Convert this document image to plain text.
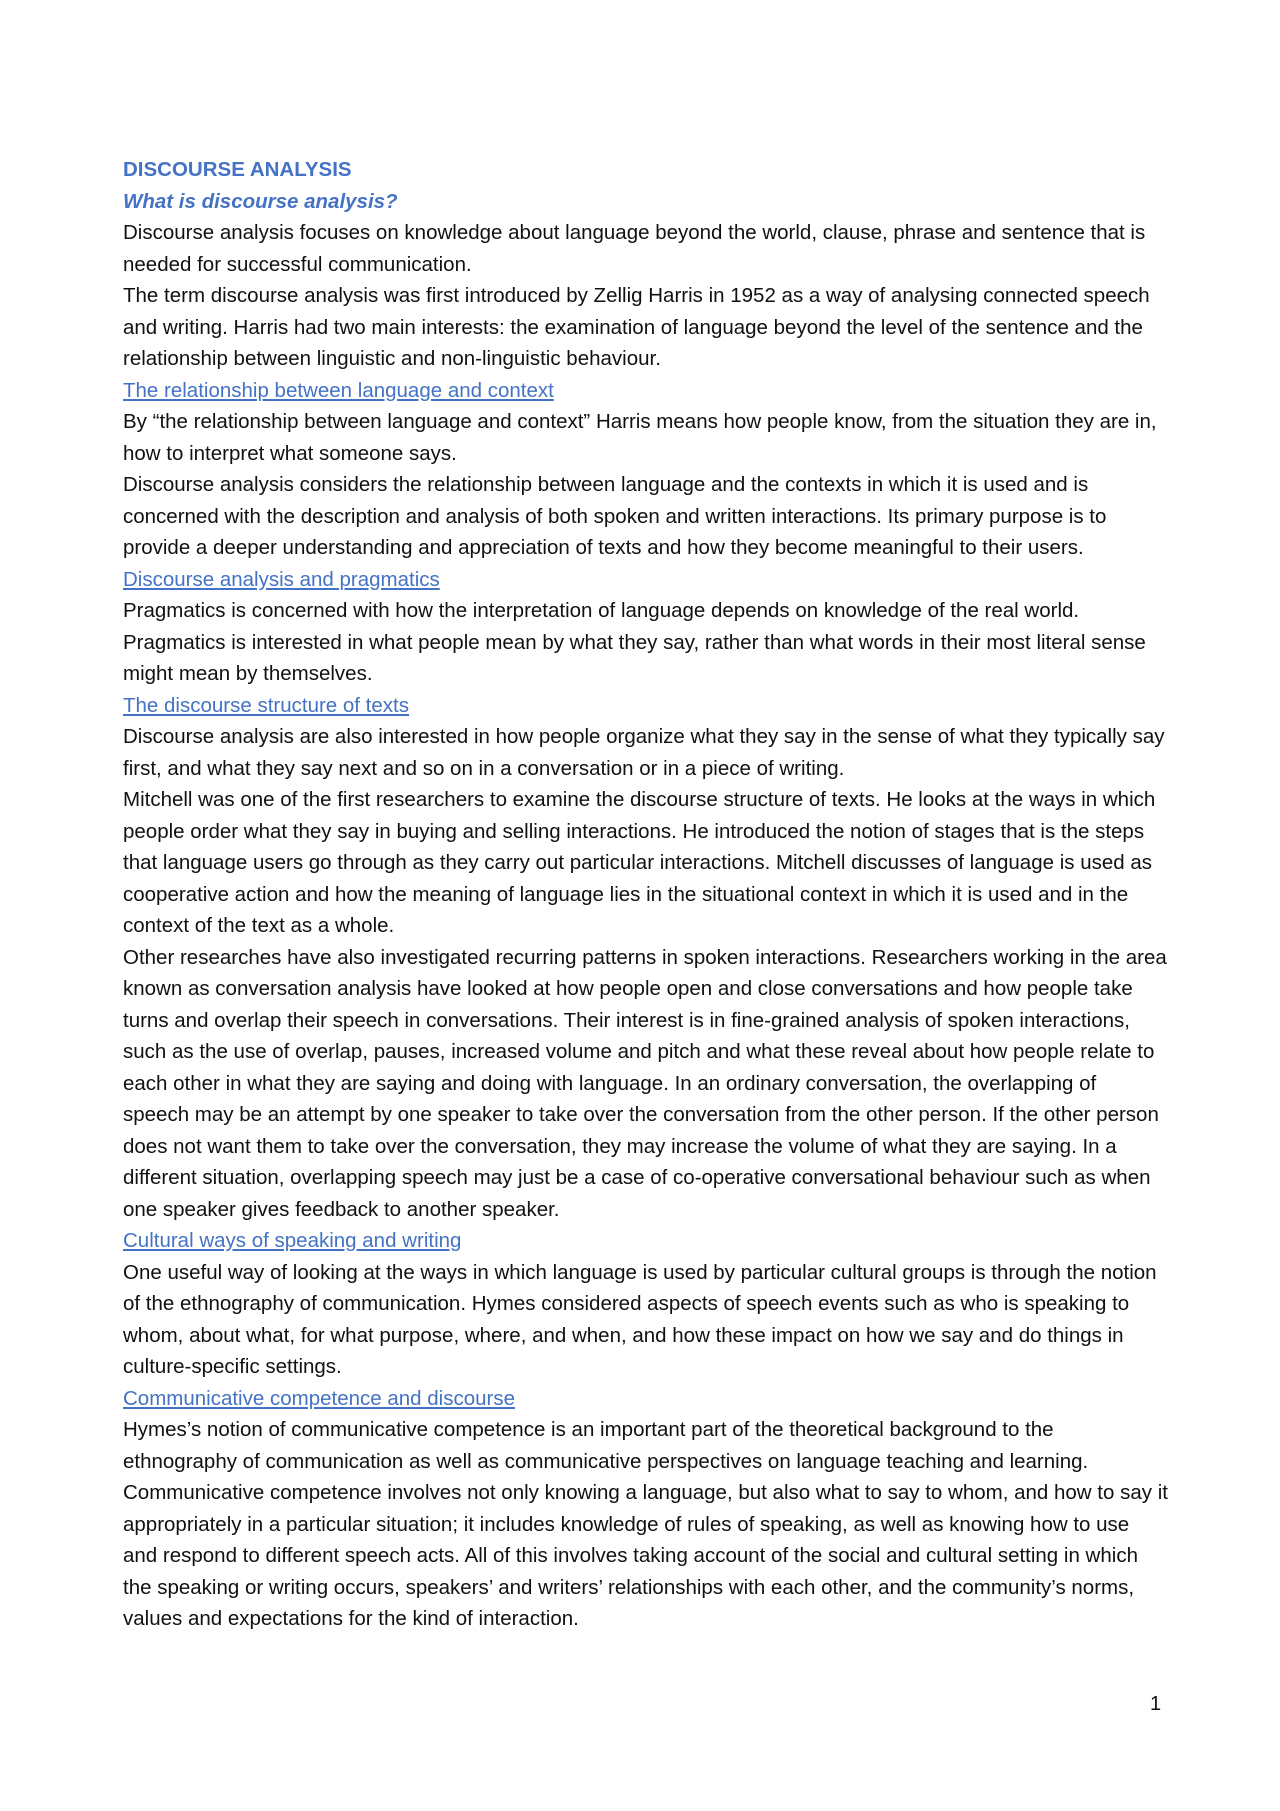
DISCOURSE ANALYSIS

What is discourse analysis?

Discourse analysis focuses on knowledge about language beyond the world, clause, phrase and sentence that is needed for successful communication.

The term discourse analysis was first introduced by Zellig Harris in 1952 as a way of analysing connected speech and writing. Harris had two main interests: the examination of language beyond the level of the sentence and the relationship between linguistic and non-linguistic behaviour.

The relationship between language and context

By “the relationship between language and context” Harris means how people know, from the situation they are in, how to interpret what someone says.

Discourse analysis considers the relationship between language and the contexts in which it is used and is concerned with the description and analysis of both spoken and written interactions. Its primary purpose is to provide a deeper understanding and appreciation of texts and how they become meaningful to their users.

Discourse analysis and pragmatics

Pragmatics is concerned with how the interpretation of language depends on knowledge of the real world. Pragmatics is interested in what people mean by what they say, rather than what words in their most literal sense might mean by themselves.

The discourse structure of texts

Discourse analysis are also interested in how people organize what they say in the sense of what they typically say first, and what they say next and so on in a conversation or in a piece of writing.

Mitchell was one of the first researchers to examine the discourse structure of texts. He looks at the ways in which people order what they say in buying and selling interactions. He introduced the notion of stages that is the steps that language users go through as they carry out particular interactions. Mitchell discusses of language is used as cooperative action and how the meaning of language lies in the situational context in which it is used and in the context of the text as a whole.

Other researches have also investigated recurring patterns in spoken interactions. Researchers working in the area known as conversation analysis have looked at how people open and close conversations and how people take turns and overlap their speech in conversations. Their interest is in fine-grained analysis of spoken interactions, such as the use of overlap, pauses, increased volume and pitch and what these reveal about how people relate to each other in what they are saying and doing with language. In an ordinary conversation, the overlapping of speech may be an attempt by one speaker to take over the conversation from the other person. If the other person does not want them to take over the conversation, they may increase the volume of what they are saying. In a different situation, overlapping speech may just be a case of co-operative conversational behaviour such as when one speaker gives feedback to another speaker.

Cultural ways of speaking and writing

One useful way of looking at the ways in which language is used by particular cultural groups is through the notion of the ethnography of communication. Hymes considered aspects of speech events such as who is speaking to whom, about what, for what purpose, where, and when, and how these impact on how we say and do things in culture-specific settings.

Communicative competence and discourse

Hymes’s notion of communicative competence is an important part of the theoretical background to the ethnography of communication as well as communicative perspectives on language teaching and learning. Communicative competence involves not only knowing a language, but also what to say to whom, and how to say it appropriately in a particular situation; it includes knowledge of rules of speaking, as well as knowing how to use and respond to different speech acts. All of this involves taking account of the social and cultural setting in which the speaking or writing occurs, speakers’ and writers’ relationships with each other, and the community’s norms, values and expectations for the kind of interaction.

1
